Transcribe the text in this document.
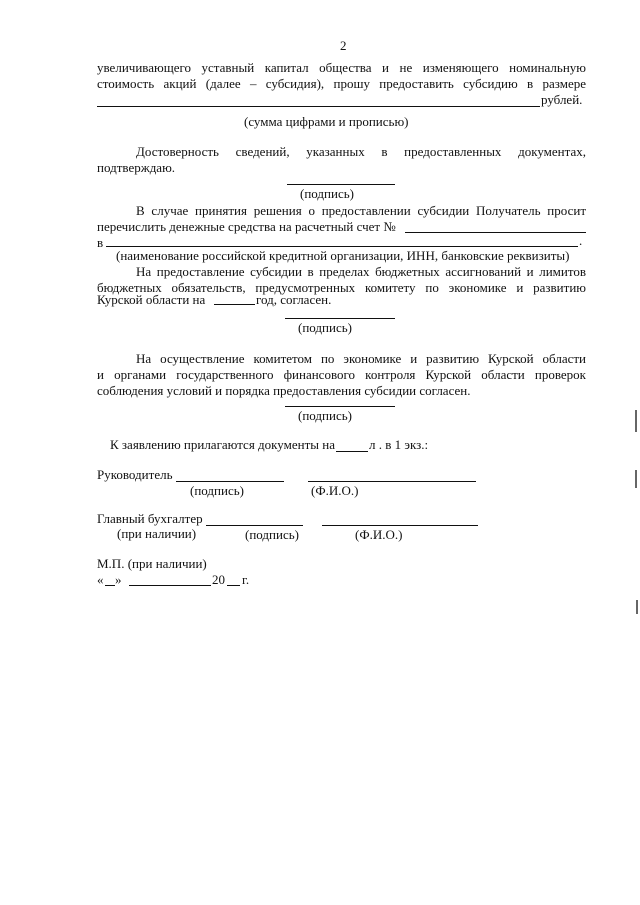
2
увеличивающего уставный капитал общества и не изменяющего номинальную
стоимость акций (далее – субсидия), прошу предоставить субсидию в размере
рублей.
(сумма цифрами и прописью)
Достоверность сведений, указанных в предоставленных документах,
подтверждаю.
(подпись)
В случае принятия решения о предоставлении субсидии Получатель просит
перечислить денежные средства на расчетный счет №
в	.
(наименование российской кредитной организации, ИНН, банковские реквизиты)
На предоставление субсидии в пределах бюджетных ассигнований и лимитов
бюджетных обязательств, предусмотренных комитету по экономике и развитию
Курской области на	год, согласен.
(подпись)
На осуществление комитетом по экономике и развитию Курской области
и органами государственного финансового контроля Курской области проверок
соблюдения условий и порядка предоставления субсидии согласен.
(подпись)
К заявлению прилагаются документы на	л . в 1 экз.:
Руководитель
(подпись)	(Ф.И.О.)
Главный бухгалтер
(при наличии)	(подпись)	(Ф.И.О.)
М.П. (при наличии)
« »	20 г.
